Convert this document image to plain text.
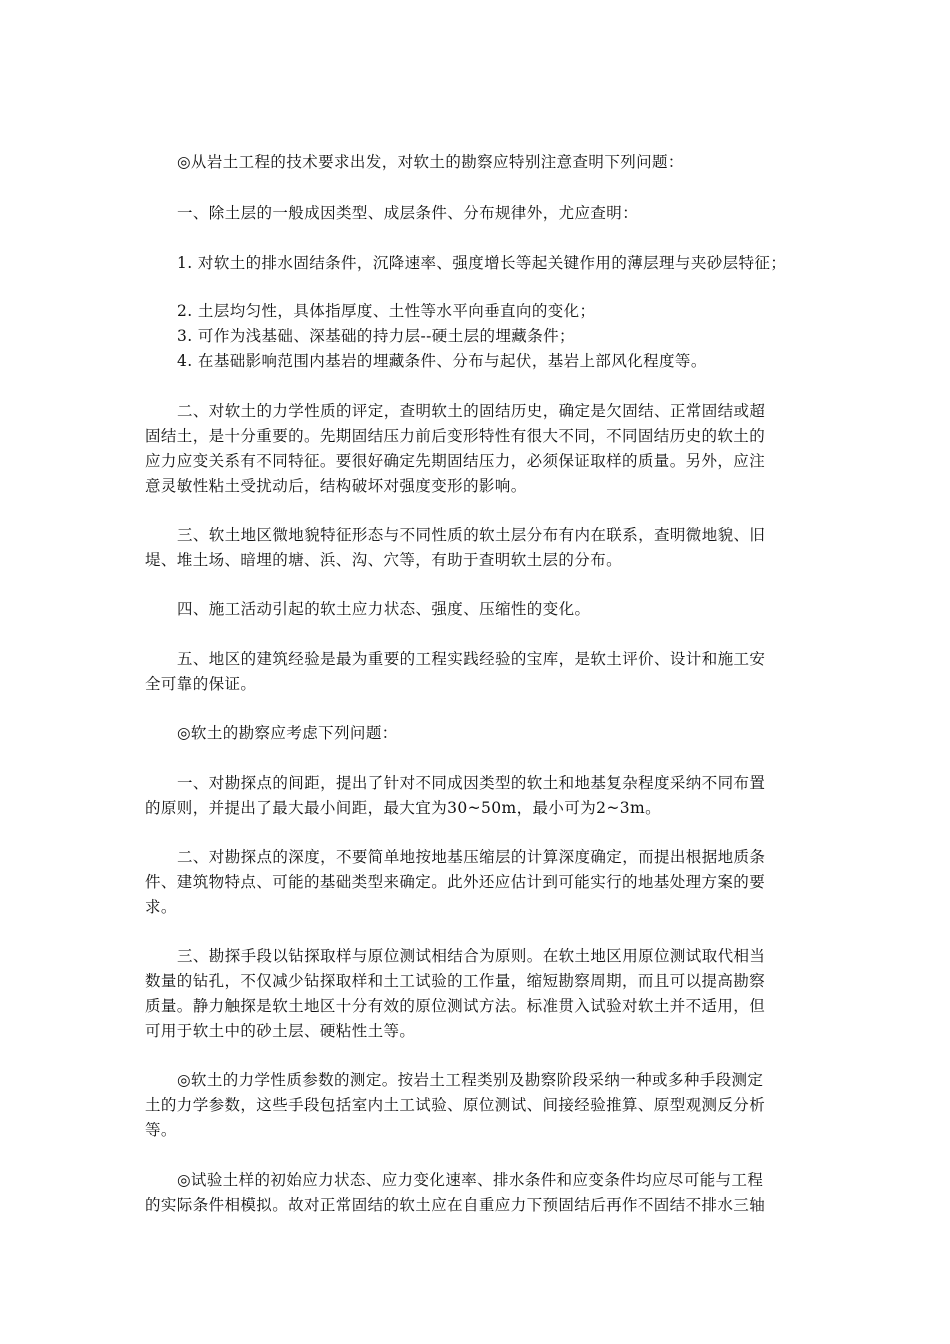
◎从岩土工程的技术要求出发，对软土的勘察应特别注意查明下列问题：
一、除土层的一般成因类型、成层条件、分布规律外，尤应查明：
1. 对软土的排水固结条件，沉降速率、强度增长等起关键作用的薄层理与夹砂层特征；
2. 土层均匀性，具体指厚度、土性等水平向垂直向的变化；
3. 可作为浅基础、深基础的持力层--硬土层的埋藏条件；
4. 在基础影响范围内基岩的埋藏条件、分布与起伏，基岩上部风化程度等。
二、对软土的力学性质的评定，查明软土的固结历史，确定是欠固结、正常固结或超
固结土，是十分重要的。先期固结压力前后变形特性有很大不同，不同固结历史的软土的
应力应变关系有不同特征。要很好确定先期固结压力，必须保证取样的质量。另外，应注
意灵敏性粘土受扰动后，结构破坏对强度变形的影响。
三、软土地区微地貌特征形态与不同性质的软土层分布有内在联系，查明微地貌、旧
堤、堆土场、暗埋的塘、浜、沟、穴等，有助于查明软土层的分布。
四、施工活动引起的软土应力状态、强度、压缩性的变化。
五、地区的建筑经验是最为重要的工程实践经验的宝库，是软土评价、设计和施工安
全可靠的保证。
◎软土的勘察应考虑下列问题：
一、对勘探点的间距，提出了针对不同成因类型的软土和地基复杂程度采纳不同布置
的原则，并提出了最大最小间距，最大宜为30~50m，最小可为2~3m。
二、对勘探点的深度，不要简单地按地基压缩层的计算深度确定，而提出根据地质条
件、建筑物特点、可能的基础类型来确定。此外还应估计到可能实行的地基处理方案的要
求。
三、勘探手段以钻探取样与原位测试相结合为原则。在软土地区用原位测试取代相当
数量的钻孔，不仅减少钻探取样和土工试验的工作量，缩短勘察周期，而且可以提高勘察
质量。静力触探是软土地区十分有效的原位测试方法。标准贯入试验对软土并不适用，但
可用于软土中的砂土层、硬粘性土等。
◎软土的力学性质参数的测定。按岩土工程类别及勘察阶段采纳一种或多种手段测定
土的力学参数，这些手段包括室内土工试验、原位测试、间接经验推算、原型观测反分析
等。
◎试验土样的初始应力状态、应力变化速率、排水条件和应变条件均应尽可能与工程
的实际条件相模拟。故对正常固结的软土应在自重应力下预固结后再作不固结不排水三轴
